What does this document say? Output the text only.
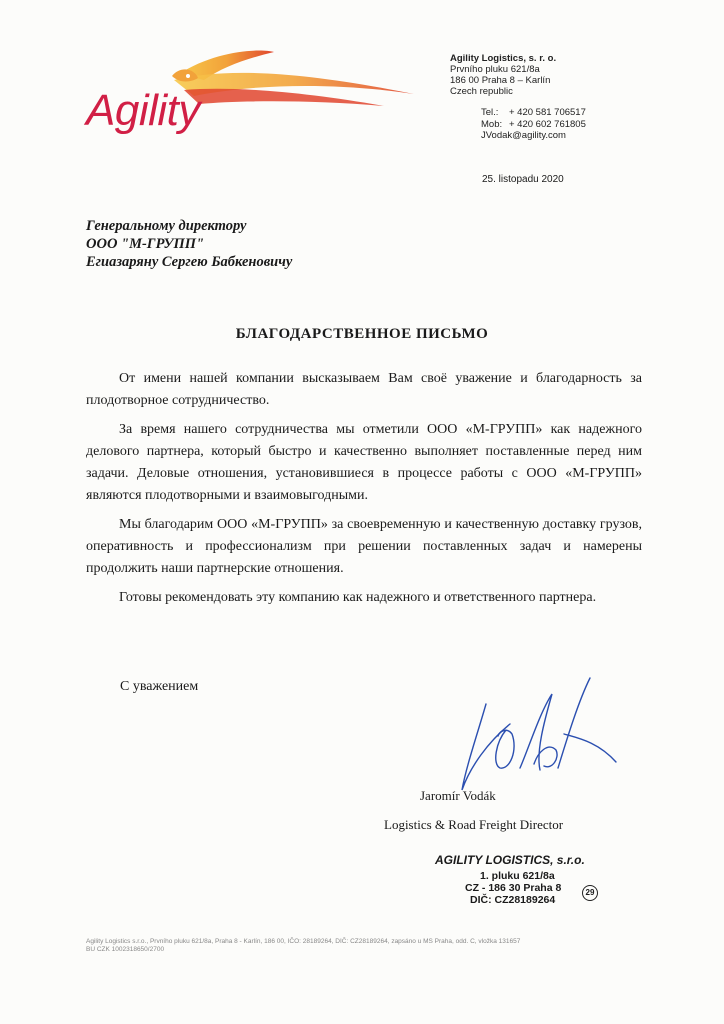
Agility
Agility Logistics, s. r. o.
Prvního pluku 621/8a
186 00 Praha 8 – Karlín
Czech republic
Tel.:	+ 420 581 706517
Mob: + 420 602 761805
JVodak@agility.com
25. listopadu 2020
Генеральному директору
ООО "М-ГРУПП"
Егиазаряну Сергею Бабкеновичу
БЛАГОДАРСТВЕННОЕ ПИСЬМО

От имени нашей компании высказываем Вам своё уважение и благодарность за плодотворное сотрудничество.

За время нашего сотрудничества мы отметили ООО «М-ГРУПП» как надежного делового партнера, который быстро и качественно выполняет поставленные перед ним задачи. Деловые отношения, установившиеся в процессе работы с ООО «М-ГРУПП» являются плодотворными и взаимовыгодными.

Мы благодарим ООО «М-ГРУПП» за своевременную и качественную доставку грузов, оперативность и профессионализм при решении поставленных задач и намерены продолжить наши партнерские отношения.

Готовы рекомендовать эту компанию как надежного и ответственного партнера.

С уважением
Jaromír Vodák
Logistics & Road Freight Director
AGILITY LOGISTICS, s.r.o.
1. pluku 621/8a
CZ - 186 30 Praha 8
DIČ: CZ28189264
29
Agility Logistics s.r.o., Prvního pluku 621/8a, Praha 8 - Karlín, 186 00, IČO: 28189264, DIČ: CZ28189264, zapsáno u MS Praha, odd. C, vložka 131657
BU CZK 1002318650/2700
